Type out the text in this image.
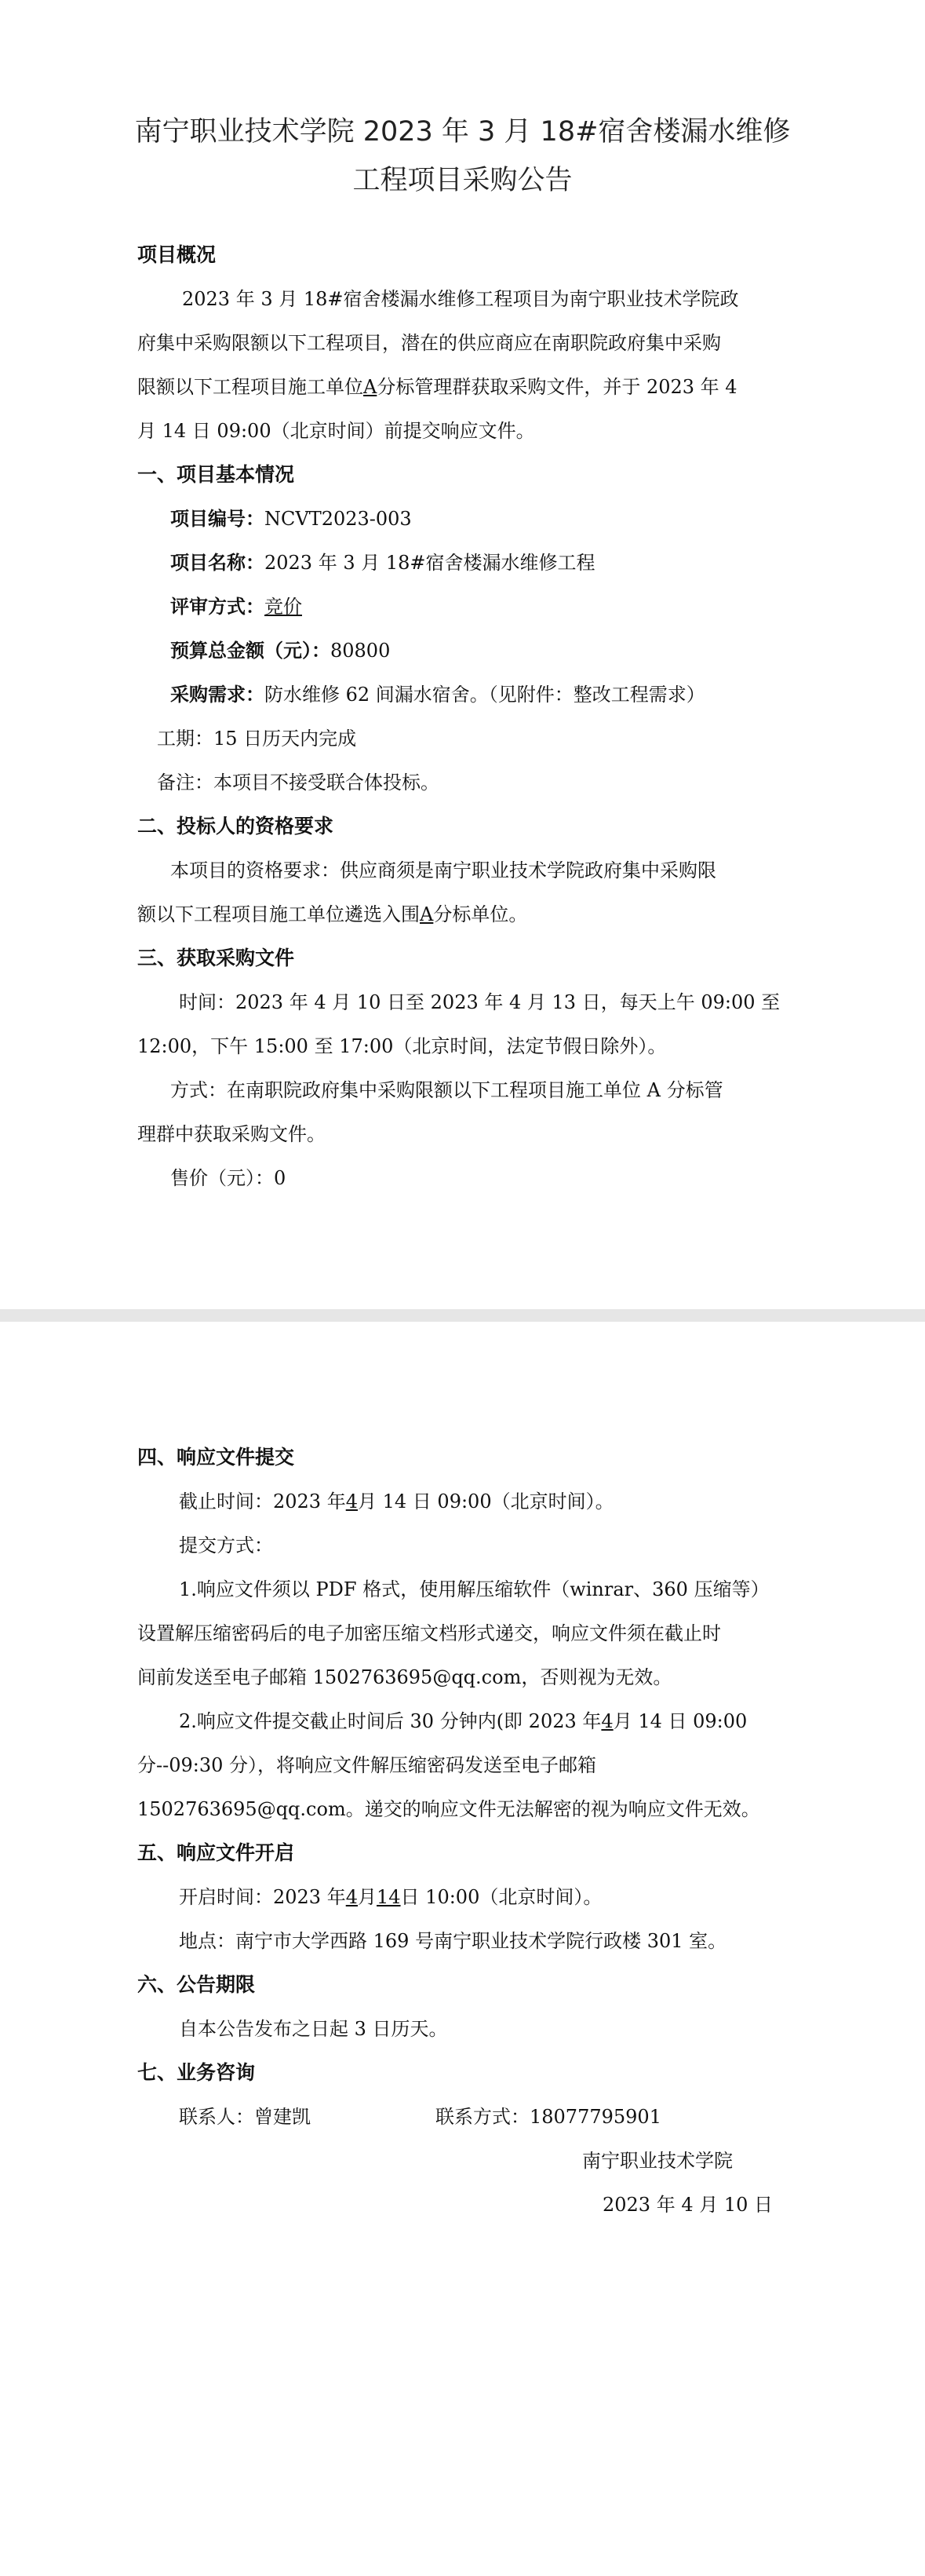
南宁职业技术学院 2023 年 3 月 18#宿舍楼漏水维修
工程项目采购公告
项目概况
2023 年 3 月 18#宿舍楼漏水维修工程项目为南宁职业技术学院政
府集中采购限额以下工程项目，潜在的供应商应在南职院政府集中采购
限额以下工程项目施工单位A分标管理群获取采购文件，并于 2023 年 4
月 14 日 09:00（北京时间）前提交响应文件。
一、项目基本情况
项目编号：NCVT2023-003
项目名称：2023 年 3 月 18#宿舍楼漏水维修工程
评审方式：竞价
预算总金额（元）：80800
采购需求：防水维修 62 间漏水宿舍。（见附件：整改工程需求）
工期：15 日历天内完成
备注：本项目不接受联合体投标。
二、投标人的资格要求
本项目的资格要求：供应商须是南宁职业技术学院政府集中采购限
额以下工程项目施工单位遴选入围A分标单位。
三、获取采购文件
时间：2023 年 4 月 10 日至 2023 年 4 月 13 日，每天上午 09:00 至
12:00，下午 15:00 至 17:00（北京时间，法定节假日除外）。
方式：在南职院政府集中采购限额以下工程项目施工单位 A 分标管
理群中获取采购文件。
售价（元）：0
四、响应文件提交
截止时间：2023 年4月 14 日 09:00（北京时间）。
提交方式：
1.响应文件须以 PDF 格式，使用解压缩软件（winrar、360 压缩等）
设置解压缩密码后的电子加密压缩文档形式递交，响应文件须在截止时
间前发送至电子邮箱 1502763695@qq.com，否则视为无效。
2.响应文件提交截止时间后 30 分钟内(即 2023 年4月 14 日 09:00
分--09:30 分），将响应文件解压缩密码发送至电子邮箱
1502763695@qq.com。递交的响应文件无法解密的视为响应文件无效。
五、响应文件开启
开启时间：2023 年4月14日 10:00（北京时间）。
地点：南宁市大学西路 169 号南宁职业技术学院行政楼 301 室。
六、公告期限
自本公告发布之日起 3 日历天。
七、业务咨询
联系人：曾建凯	联系方式：18077795901
南宁职业技术学院
2023 年 4 月 10 日
